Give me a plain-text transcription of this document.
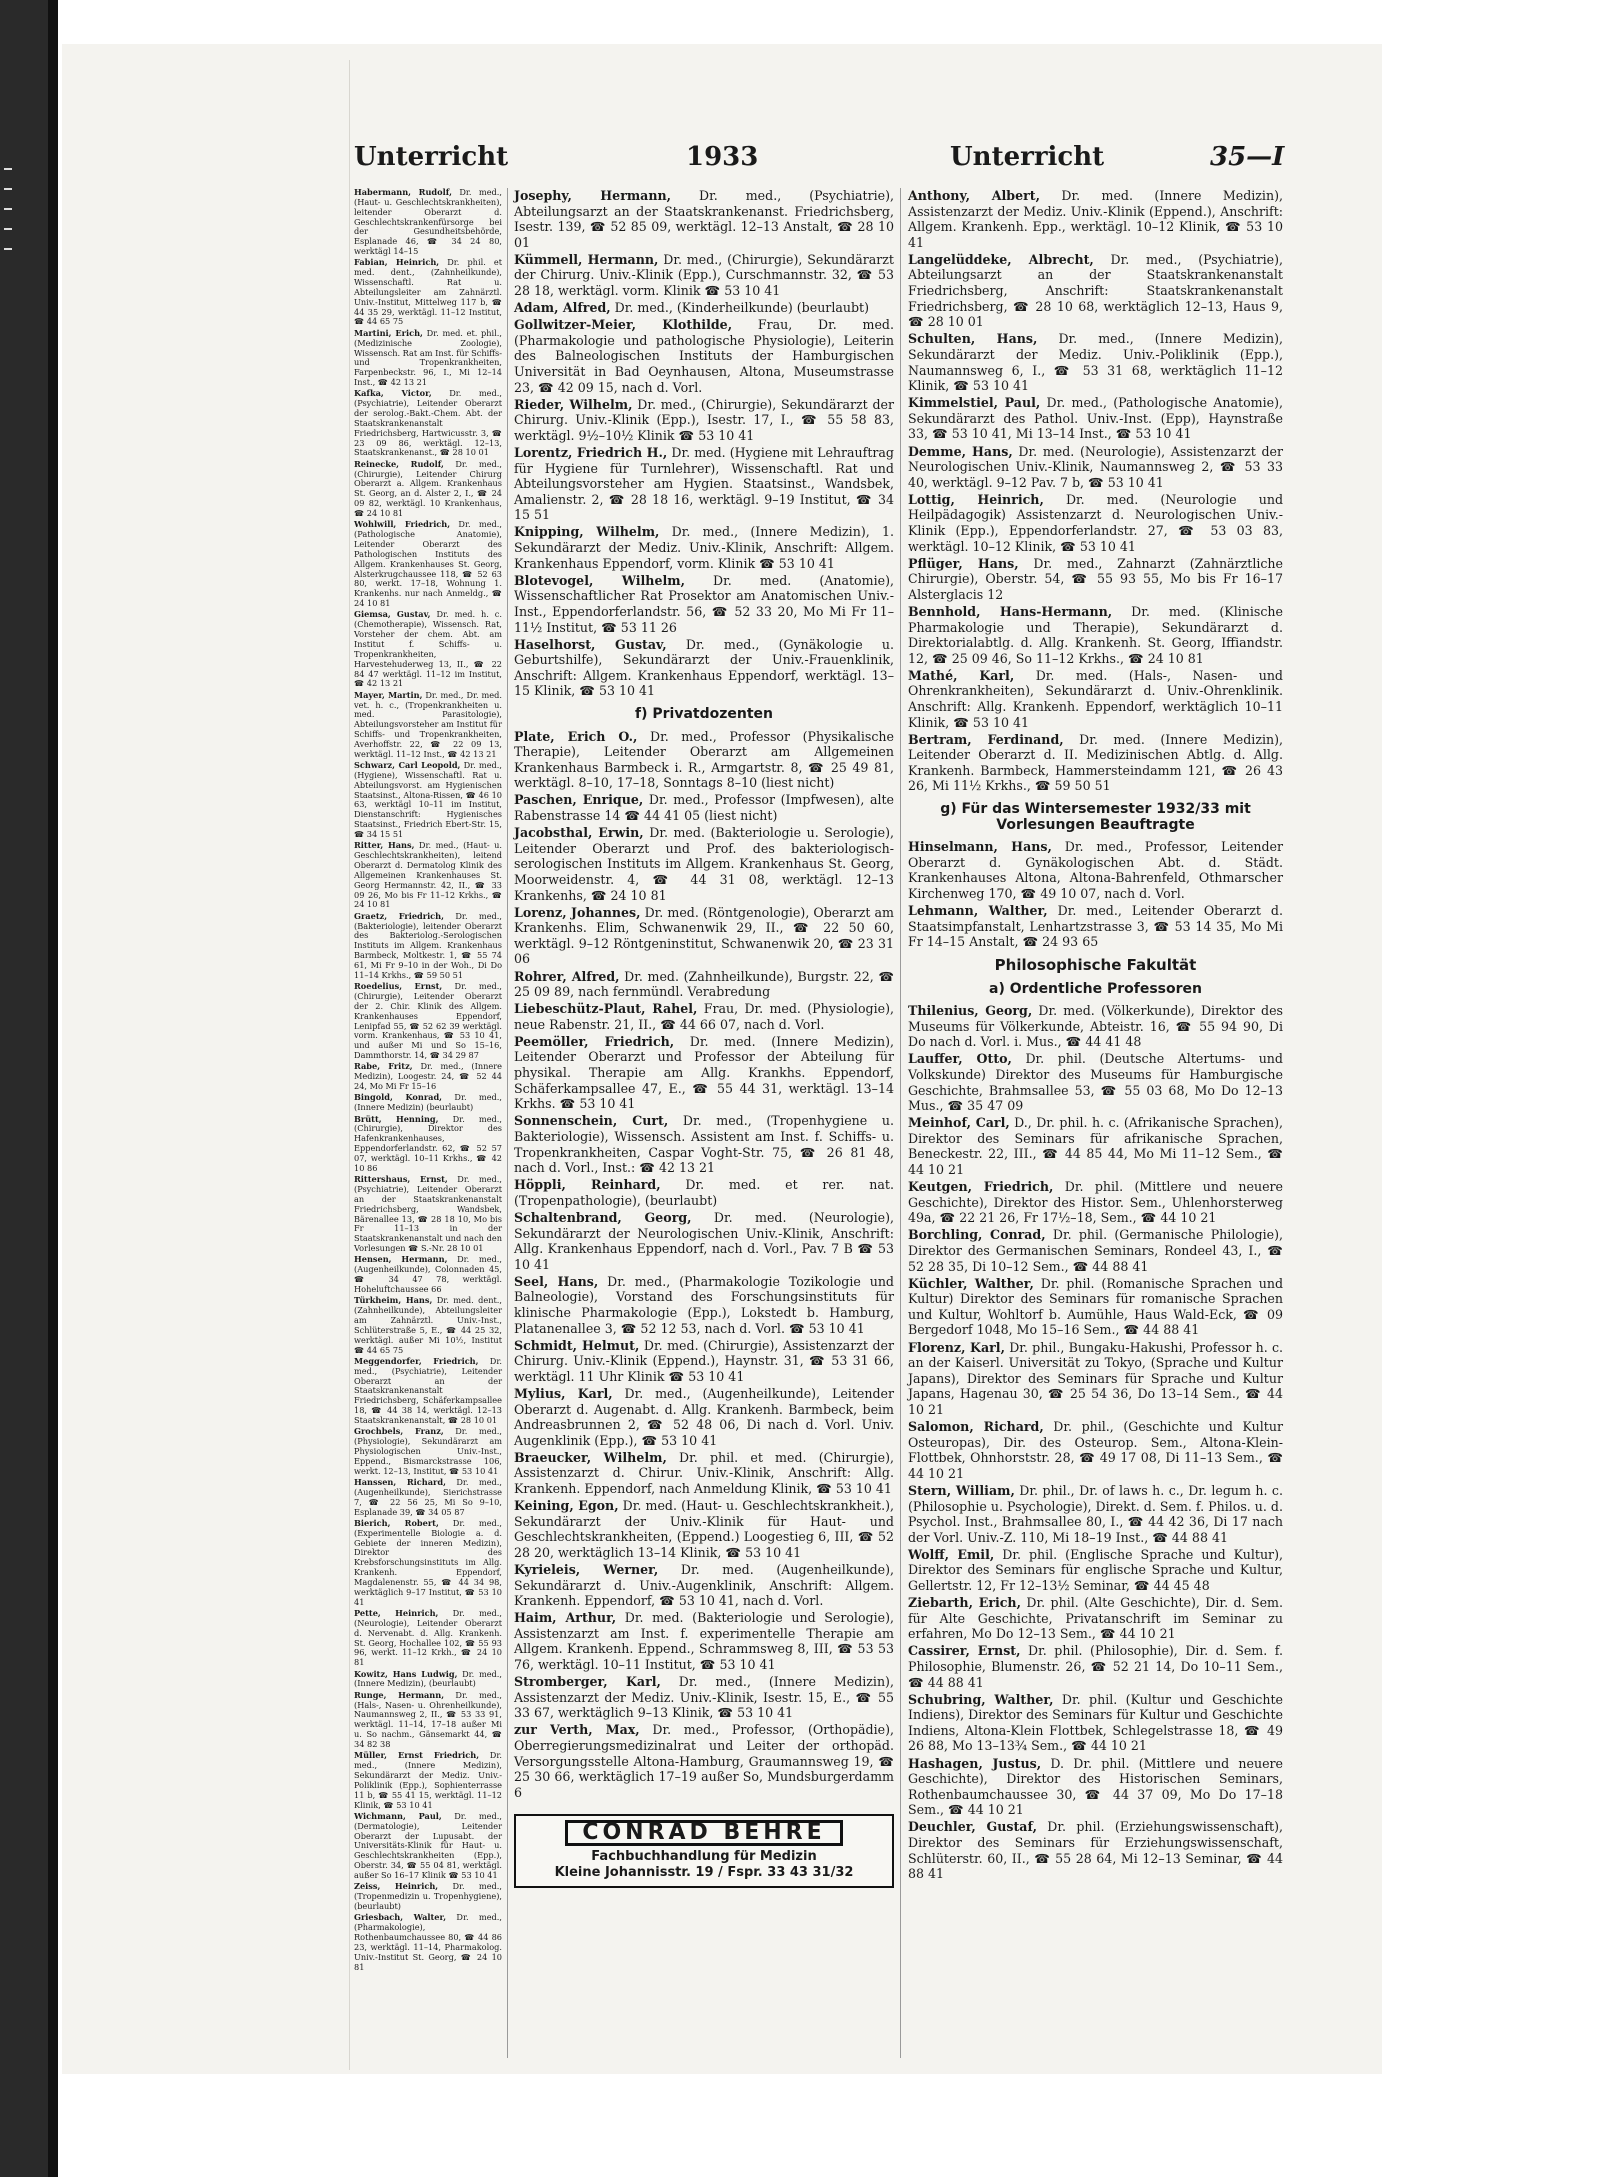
Unterricht	1933	Unterricht	35—I
Habermann, Rudolf, Dr. med., (Haut- u. Geschlechtskrankheiten), leitender Oberarzt d. Geschlechtskrankenfürsorge bei der Gesundheitsbehörde, Esplanade 46, ☎ 34 24 80, werktägl 14–15
Fabian, Heinrich, Dr. phil. et med. dent., (Zahnheilkunde), Wissenschaftl. Rat u. Abteilungsleiter am Zahnärztl. Univ.-Institut, Mittelweg 117 b, ☎ 44 35 29, werktägl. 11–12 Institut, ☎ 44 65 75
Martini, Erich, Dr. med. et. phil., (Medizinische Zoologie), Wissensch. Rat am Inst. für Schiffs- und Tropenkrankheiten, Farpenbeckstr. 96, I., Mi 12–14 Inst., ☎ 42 13 21
Kafka, Victor, Dr. med., (Psychiatrie), Leitender Oberarzt der serolog.-Bakt.-Chem. Abt. der Staatskrankenanstalt Friedrichsberg, Hartwicusstr. 3, ☎ 23 09 86, werktägl. 12–13, Staatskrankenanst., ☎ 28 10 01
Reinecke, Rudolf, Dr. med., (Chirurgie), Leitender Chirurg Oberarzt a. Allgem. Krankenhaus St. Georg, an d. Alster 2, I., ☎ 24 09 82, werktägl. 10 Krankenhaus, ☎ 24 10 81
Wohlwill, Friedrich, Dr. med., (Pathologische Anatomie), Leitender Oberarzt des Pathologischen Instituts des Allgem. Krankenhauses St. Georg, Alsterkrugchaussee 118, ☎ 52 63 80, werkt. 17–18, Wohnung 1. Krankenhs. nur nach Anmeldg., ☎ 24 10 81
Giemsa, Gustav, Dr. med. h. c. (Chemotherapie), Wissensch. Rat, Vorsteher der chem. Abt. am Institut f. Schiffs- u. Tropenkrankheiten, Harvestehuderweg 13, II., ☎ 22 84 47 werktägl. 11–12 im Institut, ☎ 42 13 21
Mayer, Martin, Dr. med., Dr. med. vet. h. c., (Tropenkrankheiten u. med. Parasitologie), Abteilungsvorsteher am Institut für Schiffs- und Tropenkrankheiten, Averhoffstr. 22, ☎ 22 09 13, werktägl. 11–12 Inst., ☎ 42 13 21
Schwarz, Carl Leopold, Dr. med., (Hygiene), Wissenschaftl. Rat u. Abteilungsvorst. am Hygienischen Staatsinst., Altona-Rissen, ☎ 46 10 63, werktägl 10–11 im Institut, Dienstanschrift: Hygienisches Staatsinst., Friedrich Ebert-Str. 15, ☎ 34 15 51
Ritter, Hans, Dr. med., (Haut- u. Geschlechtskrankheiten), leitend Oberarzt d. Dermatolog Klinik des Allgemeinen Krankenhauses St. Georg Hermannstr. 42, II., ☎ 33 09 26, Mo bis Fr 11–12 Krkhs., ☎ 24 10 81
Graetz, Friedrich, Dr. med., (Bakteriologie), leitender Oberarzt des Bakteriolog.-Serologischen Instituts im Allgem. Krankenhaus Barmbeck, Moltkestr. 1, ☎ 55 74 61, Mi Fr 9–10 in der Woh., Di Do 11–14 Krkhs., ☎ 59 50 51
Roedelius, Ernst, Dr. med., (Chirurgie), Leitender Oberarzt der 2. Chir. Klinik des Allgem. Krankenhauses Eppendorf, Lenipfad 55, ☎ 52 62 39 werktägl. vorm. Krankenhaus, ☎ 53 10 41, und außer Mi und So 15–16, Dammthorstr. 14, ☎ 34 29 87
Rabe, Fritz, Dr. med., (Innere Medizin), Loogestr. 24, ☎ 52 44 24, Mo Mi Fr 15–16
Bingold, Konrad, Dr. med., (Innere Medizin) (beurlaubt)
Brütt, Henning, Dr. med., (Chirurgie), Direktor des Hafenkrankenhauses, Eppendorferlandstr. 62, ☎ 52 57 07, werktägl. 10–11 Krkhs., ☎ 42 10 86
Rittershaus, Ernst, Dr. med., (Psychiatrie), Leitender Oberarzt an der Staatskrankenanstalt Friedrichsberg, Wandsbek, Bärenallee 13, ☎ 28 18 10, Mo bis Fr 11–13 in der Staatskrankenanstalt und nach den Vorlesungen ☎ S.-Nr. 28 10 01
Hensen, Hermann, Dr. med., (Augenheilkunde), Colonnaden 45, ☎ 34 47 78, werktägl. Hoheluftchaussee 66
Türkheim, Hans, Dr. med. dent., (Zahnheilkunde), Abteilungsleiter am Zahnärztl. Univ.-Inst., Schlüterstraße 5, E., ☎ 44 25 32, werktägl. außer Mi 10½, Institut ☎ 44 65 75
Meggendorfer, Friedrich, Dr. med., (Psychiatrie), Leitender Oberarzt an der Staatskrankenanstalt Friedrichsberg, Schäferkampsallee 18, ☎ 44 38 14, werktägl. 12–13 Staatskrankenanstalt, ☎ 28 10 01
Grochbels, Franz, Dr. med., (Physiologie), Sekundärarzt am Physiologischen Univ.-Inst., Eppend., Bismarckstrasse 106, werkt. 12–13, Institut, ☎ 53 10 41
Hanssen, Richard, Dr. med., (Augenheilkunde), Sierichstrasse 7, ☎ 22 56 25, Mi So 9–10, Esplanade 39, ☎ 34 05 87
Bierich, Robert, Dr. med., (Experimentelle Biologie a. d. Gebiete der inneren Medizin), Direktor des Krebsforschungsinstituts im Allg. Krankenh. Eppendorf, Magdalenenstr. 55, ☎ 44 34 98, werktäglich 9–17 Institut, ☎ 53 10 41
Pette, Heinrich, Dr. med., (Neurologie), Leitender Oberarzt d. Nervenabt. d. Allg. Krankenh. St. Georg, Hochallee 102, ☎ 55 93 96, werkt. 11–12 Krkh., ☎ 24 10 81
Kowitz, Hans Ludwig, Dr. med., (Innere Medizin), (beurlaubt)
Runge, Hermann, Dr. med., (Hals-, Nasen- u. Ohrenheilkunde), Naumannsweg 2, II., ☎ 53 33 91, werktägl. 11–14, 17–18 außer Mi u. So nachm., Gänsemarkt 44, ☎ 34 82 38
Müller, Ernst Friedrich, Dr. med., (Innere Medizin), Sekundärarzt der Mediz. Univ.-Poliklinik (Epp.), Sophienterrasse 11 b, ☎ 55 41 15, werktägl. 11–12 Klinik, ☎ 53 10 41
Wichmann, Paul, Dr. med., (Dermatologie), Leitender Oberarzt der Lupusabt. der Universitäts-Klinik für Haut- u. Geschlechtskrankheiten (Epp.), Oberstr. 34, ☎ 55 04 81, werktägl. außer So 16–17 Klinik ☎ 53 10 41
Zeiss, Heinrich, Dr. med., (Tropenmedizin u. Tropenhygiene), (beurlaubt)
Griesbach, Walter, Dr. med., (Pharmakologie), Rothenbaumchaussee 80, ☎ 44 86 23, werktägl. 11–14, Pharmakolog. Univ.-Institut St. Georg, ☎ 24 10 81
Josephy, Hermann, Dr. med., (Psychiatrie), Abteilungsarzt an der Staatskrankenanst. Friedrichsberg, Isestr. 139, ☎ 52 85 09, werktägl. 12–13 Anstalt, ☎ 28 10 01
Kümmell, Hermann, Dr. med., (Chirurgie), Sekundärarzt der Chirurg. Univ.-Klinik (Epp.), Curschmannstr. 32, ☎ 53 28 18, werktägl. vorm. Klinik ☎ 53 10 41
Adam, Alfred, Dr. med., (Kinderheilkunde) (beurlaubt)
Gollwitzer-Meier, Klothilde, Frau, Dr. med. (Pharmakologie und pathologische Physiologie), Leiterin des Balneologischen Instituts der Hamburgischen Universität in Bad Oeynhausen, Altona, Museumstrasse 23, ☎ 42 09 15, nach d. Vorl.
Rieder, Wilhelm, Dr. med., (Chirurgie), Sekundärarzt der Chirurg. Univ.-Klinik (Epp.), Isestr. 17, I., ☎ 55 58 83, werktägl. 9½–10½ Klinik ☎ 53 10 41
Lorentz, Friedrich H., Dr. med. (Hygiene mit Lehrauftrag für Hygiene für Turnlehrer), Wissenschaftl. Rat und Abteilungsvorsteher am Hygien. Staatsinst., Wandsbek, Amalienstr. 2, ☎ 28 18 16, werktägl. 9–19 Institut, ☎ 34 15 51
Knipping, Wilhelm, Dr. med., (Innere Medizin), 1. Sekundärarzt der Mediz. Univ.-Klinik, Anschrift: Allgem. Krankenhaus Eppendorf, vorm. Klinik ☎ 53 10 41
Blotevogel, Wilhelm, Dr. med. (Anatomie), Wissenschaftlicher Rat Prosektor am Anatomischen Univ.-Inst., Eppendorferlandstr. 56, ☎ 52 33 20, Mo Mi Fr 11–11½ Institut, ☎ 53 11 26
Haselhorst, Gustav, Dr. med., (Gynäkologie u. Geburtshilfe), Sekundärarzt der Univ.-Frauenklinik, Anschrift: Allgem. Krankenhaus Eppendorf, werktägl. 13–15 Klinik, ☎ 53 10 41
f) Privatdozenten
Plate, Erich O., Dr. med., Professor (Physikalische Therapie), Leitender Oberarzt am Allgemeinen Krankenhaus Barmbeck i. R., Armgartstr. 8, ☎ 25 49 81, werktägl. 8–10, 17–18, Sonntags 8–10 (liest nicht)
Paschen, Enrique, Dr. med., Professor (Impfwesen), alte Rabenstrasse 14 ☎ 44 41 05 (liest nicht)
Jacobsthal, Erwin, Dr. med. (Bakteriologie u. Serologie), Leitender Oberarzt und Prof. des bakteriologisch-serologischen Instituts im Allgem. Krankenhaus St. Georg, Moorweidenstr. 4, ☎ 44 31 08, werktägl. 12–13 Krankenhs, ☎ 24 10 81
Lorenz, Johannes, Dr. med. (Röntgenologie), Oberarzt am Krankenhs. Elim, Schwanenwik 29, II., ☎ 22 50 60, werktägl. 9–12 Röntgeninstitut, Schwanenwik 20, ☎ 23 31 06
Rohrer, Alfred, Dr. med. (Zahnheilkunde), Burgstr. 22, ☎ 25 09 89, nach fernmündl. Verabredung
Liebeschütz-Plaut, Rahel, Frau, Dr. med. (Physiologie), neue Rabenstr. 21, II., ☎ 44 66 07, nach d. Vorl.
Peemöller, Friedrich, Dr. med. (Innere Medizin), Leitender Oberarzt und Professor der Abteilung für physikal. Therapie am Allg. Krankhs. Eppendorf, Schäferkampsallee 47, E., ☎ 55 44 31, werktägl. 13–14 Krkhs. ☎ 53 10 41
Sonnenschein, Curt, Dr. med., (Tropenhygiene u. Bakteriologie), Wissensch. Assistent am Inst. f. Schiffs- u. Tropenkrankheiten, Caspar Voght-Str. 75, ☎ 26 81 48, nach d. Vorl., Inst.: ☎ 42 13 21
Höppli, Reinhard, Dr. med. et rer. nat. (Tropenpathologie), (beurlaubt)
Schaltenbrand, Georg, Dr. med. (Neurologie), Sekundärarzt der Neurologischen Univ.-Klinik, Anschrift: Allg. Krankenhaus Eppendorf, nach d. Vorl., Pav. 7 B ☎ 53 10 41
Seel, Hans, Dr. med., (Pharmakologie Tozikologie und Balneologie), Vorstand des Forschungsinstituts für klinische Pharmakologie (Epp.), Lokstedt b. Hamburg, Platanenallee 3, ☎ 52 12 53, nach d. Vorl. ☎ 53 10 41
Schmidt, Helmut, Dr. med. (Chirurgie), Assistenzarzt der Chirurg. Univ.-Klinik (Eppend.), Haynstr. 31, ☎ 53 31 66, werktägl. 11 Uhr Klinik ☎ 53 10 41
Mylius, Karl, Dr. med., (Augenheilkunde), Leitender Oberarzt d. Augenabt. d. Allg. Krankenh. Barmbeck, beim Andreasbrunnen 2, ☎ 52 48 06, Di nach d. Vorl. Univ. Augenklinik (Epp.), ☎ 53 10 41
Braeucker, Wilhelm, Dr. phil. et med. (Chirurgie), Assistenzarzt d. Chirur. Univ.-Klinik, Anschrift: Allg. Krankenh. Eppendorf, nach Anmeldung Klinik, ☎ 53 10 41
Keining, Egon, Dr. med. (Haut- u. Geschlechtskrankheit.), Sekundärarzt der Univ.-Klinik für Haut- und Geschlechtskrankheiten, (Eppend.) Loogestieg 6, III, ☎ 52 28 20, werktäglich 13–14 Klinik, ☎ 53 10 41
Kyrieleis, Werner, Dr. med. (Augenheilkunde), Sekundärarzt d. Univ.-Augenklinik, Anschrift: Allgem. Krankenh. Eppendorf, ☎ 53 10 41, nach d. Vorl.
Haim, Arthur, Dr. med. (Bakteriologie und Serologie), Assistenzarzt am Inst. f. experimentelle Therapie am Allgem. Krankenh. Eppend., Schrammsweg 8, III, ☎ 53 53 76, werktägl. 10–11 Institut, ☎ 53 10 41
Stromberger, Karl, Dr. med., (Innere Medizin), Assistenzarzt der Mediz. Univ.-Klinik, Isestr. 15, E., ☎ 55 33 67, werktäglich 9–13 Klinik, ☎ 53 10 41
zur Verth, Max, Dr. med., Professor, (Orthopädie), Oberregierungsmedizinalrat und Leiter der orthopäd. Versorgungsstelle Altona-Hamburg, Graumannsweg 19, ☎ 25 30 66, werktäglich 17–19 außer So, Mundsburgerdamm 6
CONRAD BEHRE
Fachbuchhandlung für Medizin
Kleine Johannisstr. 19 / Fspr. 33 43 31/32
Anthony, Albert, Dr. med. (Innere Medizin), Assistenzarzt der Mediz. Univ.-Klinik (Eppend.), Anschrift: Allgem. Krankenh. Epp., werktägl. 10–12 Klinik, ☎ 53 10 41
Langelüddeke, Albrecht, Dr. med., (Psychiatrie), Abteilungsarzt an der Staatskrankenanstalt Friedrichsberg, Anschrift: Staatskrankenanstalt Friedrichsberg, ☎ 28 10 68, werktäglich 12–13, Haus 9, ☎ 28 10 01
Schulten, Hans, Dr. med., (Innere Medizin), Sekundärarzt der Mediz. Univ.-Poliklinik (Epp.), Naumannsweg 6, I., ☎ 53 31 68, werktäglich 11–12 Klinik, ☎ 53 10 41
Kimmelstiel, Paul, Dr. med., (Pathologische Anatomie), Sekundärarzt des Pathol. Univ.-Inst. (Epp), Haynstraße 33, ☎ 53 10 41, Mi 13–14 Inst., ☎ 53 10 41
Demme, Hans, Dr. med. (Neurologie), Assistenzarzt der Neurologischen Univ.-Klinik, Naumannsweg 2, ☎ 53 33 40, werktägl. 9–12 Pav. 7 b, ☎ 53 10 41
Lottig, Heinrich, Dr. med. (Neurologie und Heilpädagogik) Assistenzarzt d. Neurologischen Univ.-Klinik (Epp.), Eppendorferlandstr. 27, ☎ 53 03 83, werktägl. 10–12 Klinik, ☎ 53 10 41
Pflüger, Hans, Dr. med., Zahnarzt (Zahnärztliche Chirurgie), Oberstr. 54, ☎ 55 93 55, Mo bis Fr 16–17 Alsterglacis 12
Bennhold, Hans-Hermann, Dr. med. (Klinische Pharmakologie und Therapie), Sekundärarzt d. Direktorialabtlg. d. Allg. Krankenh. St. Georg, Iffiandstr. 12, ☎ 25 09 46, So 11–12 Krkhs., ☎ 24 10 81
Mathé, Karl, Dr. med. (Hals-, Nasen- und Ohrenkrankheiten), Sekundärarzt d. Univ.-Ohrenklinik. Anschrift: Allg. Krankenh. Eppendorf, werktäglich 10–11 Klinik, ☎ 53 10 41
Bertram, Ferdinand, Dr. med. (Innere Medizin), Leitender Oberarzt d. II. Medizinischen Abtlg. d. Allg. Krankenh. Barmbeck, Hammersteindamm 121, ☎ 26 43 26, Mi 11½ Krkhs., ☎ 59 50 51
g) Für das Wintersemester 1932/33 mit Vorlesungen Beauftragte
Hinselmann, Hans, Dr. med., Professor, Leitender Oberarzt d. Gynäkologischen Abt. d. Städt. Krankenhauses Altona, Altona-Bahrenfeld, Othmarscher Kirchenweg 170, ☎ 49 10 07, nach d. Vorl.
Lehmann, Walther, Dr. med., Leitender Oberarzt d. Staatsimpfanstalt, Lenhartzstrasse 3, ☎ 53 14 35, Mo Mi Fr 14–15 Anstalt, ☎ 24 93 65
Philosophische Fakultät
a) Ordentliche Professoren
Thilenius, Georg, Dr. med. (Völkerkunde), Direktor des Museums für Völkerkunde, Abteistr. 16, ☎ 55 94 90, Di Do nach d. Vorl. i. Mus., ☎ 44 41 48
Lauffer, Otto, Dr. phil. (Deutsche Altertums- und Volkskunde) Direktor des Museums für Hamburgische Geschichte, Brahmsallee 53, ☎ 55 03 68, Mo Do 12–13 Mus., ☎ 35 47 09
Meinhof, Carl, D., Dr. phil. h. c. (Afrikanische Sprachen), Direktor des Seminars für afrikanische Sprachen, Beneckestr. 22, III., ☎ 44 85 44, Mo Mi 11–12 Sem., ☎ 44 10 21
Keutgen, Friedrich, Dr. phil. (Mittlere und neuere Geschichte), Direktor des Histor. Sem., Uhlenhorsterweg 49a, ☎ 22 21 26, Fr 17½–18, Sem., ☎ 44 10 21
Borchling, Conrad, Dr. phil. (Germanische Philologie), Direktor des Germanischen Seminars, Rondeel 43, I., ☎ 52 28 35, Di 10–12 Sem., ☎ 44 88 41
Küchler, Walther, Dr. phil. (Romanische Sprachen und Kultur) Direktor des Seminars für romanische Sprachen und Kultur, Wohltorf b. Aumühle, Haus Wald-Eck, ☎ 09 Bergedorf 1048, Mo 15–16 Sem., ☎ 44 88 41
Florenz, Karl, Dr. phil., Bungaku-Hakushi, Professor h. c. an der Kaiserl. Universität zu Tokyo, (Sprache und Kultur Japans), Direktor des Seminars für Sprache und Kultur Japans, Hagenau 30, ☎ 25 54 36, Do 13–14 Sem., ☎ 44 10 21
Salomon, Richard, Dr. phil., (Geschichte und Kultur Osteuropas), Dir. des Osteurop. Sem., Altona-Klein-Flottbek, Ohnhorststr. 28, ☎ 49 17 08, Di 11–13 Sem., ☎ 44 10 21
Stern, William, Dr. phil., Dr. of laws h. c., Dr. legum h. c. (Philosophie u. Psychologie), Direkt. d. Sem. f. Philos. u. d. Psychol. Inst., Brahmsallee 80, I., ☎ 44 42 36, Di 17 nach der Vorl. Univ.-Z. 110, Mi 18–19 Inst., ☎ 44 88 41
Wolff, Emil, Dr. phil. (Englische Sprache und Kultur), Direktor des Seminars für englische Sprache und Kultur, Gellertstr. 12, Fr 12–13½ Seminar, ☎ 44 45 48
Ziebarth, Erich, Dr. phil. (Alte Geschichte), Dir. d. Sem. für Alte Geschichte, Privatanschrift im Seminar zu erfahren, Mo Do 12–13 Sem., ☎ 44 10 21
Cassirer, Ernst, Dr. phil. (Philosophie), Dir. d. Sem. f. Philosophie, Blumenstr. 26, ☎ 52 21 14, Do 10–11 Sem., ☎ 44 88 41
Schubring, Walther, Dr. phil. (Kultur und Geschichte Indiens), Direktor des Seminars für Kultur und Geschichte Indiens, Altona-Klein Flottbek, Schlegelstrasse 18, ☎ 49 26 88, Mo 13–13¾ Sem., ☎ 44 10 21
Hashagen, Justus, D. Dr. phil. (Mittlere und neuere Geschichte), Direktor des Historischen Seminars, Rothenbaumchaussee 30, ☎ 44 37 09, Mo Do 17–18 Sem., ☎ 44 10 21
Deuchler, Gustaf, Dr. phil. (Erziehungswissenschaft), Direktor des Seminars für Erziehungswissenschaft, Schlüterstr. 60, II., ☎ 55 28 64, Mi 12–13 Seminar, ☎ 44 88 41
